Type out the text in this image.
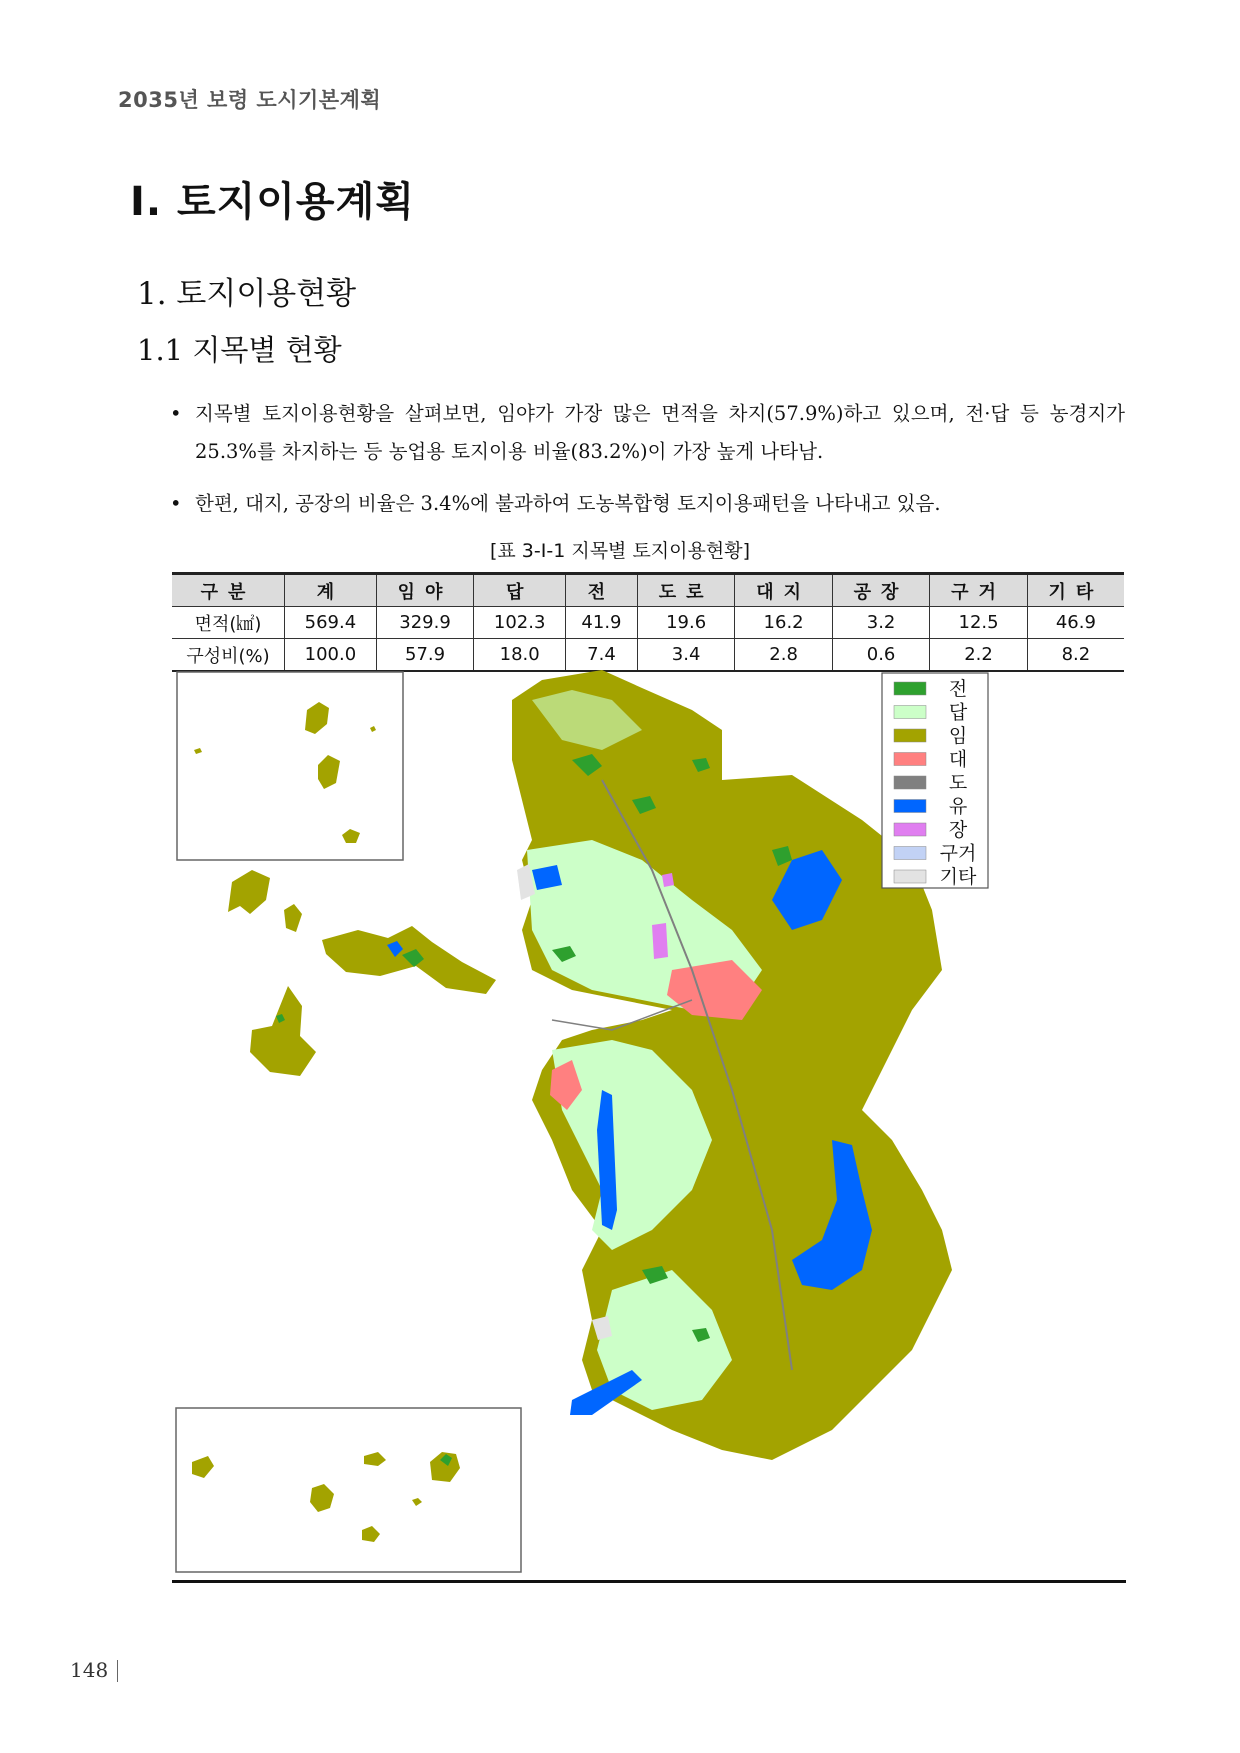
2035년 보령 도시기본계획
Ⅰ. 토지이용계획
1. 토지이용현황
1.1 지목별 현황
• 지목별 토지이용현황을 살펴보면, 임야가 가장 많은 면적을 차지(57.9%)하고 있으며, 전·답 등 농경지가 25.3%를 차지하는 등 농업용 토지이용 비율(83.2%)이 가장 높게 나타남.
• 한편, 대지, 공장의 비율은 3.4%에 불과하여 도농복합형 토지이용패턴을 나타내고 있음.
[표 3-Ⅰ-1 지목별 토지이용현황]
구분	계	임야	답	전	도로	대지	공장	구거	기타
면적(㎢)	569.4	329.9	102.3	41.9	19.6	16.2	3.2	12.5	46.9
구성비(%)	100.0	57.9	18.0	7.4	3.4	2.8	0.6	2.2	8.2
전
답
임
대
도
유
장
구거
기타
148
